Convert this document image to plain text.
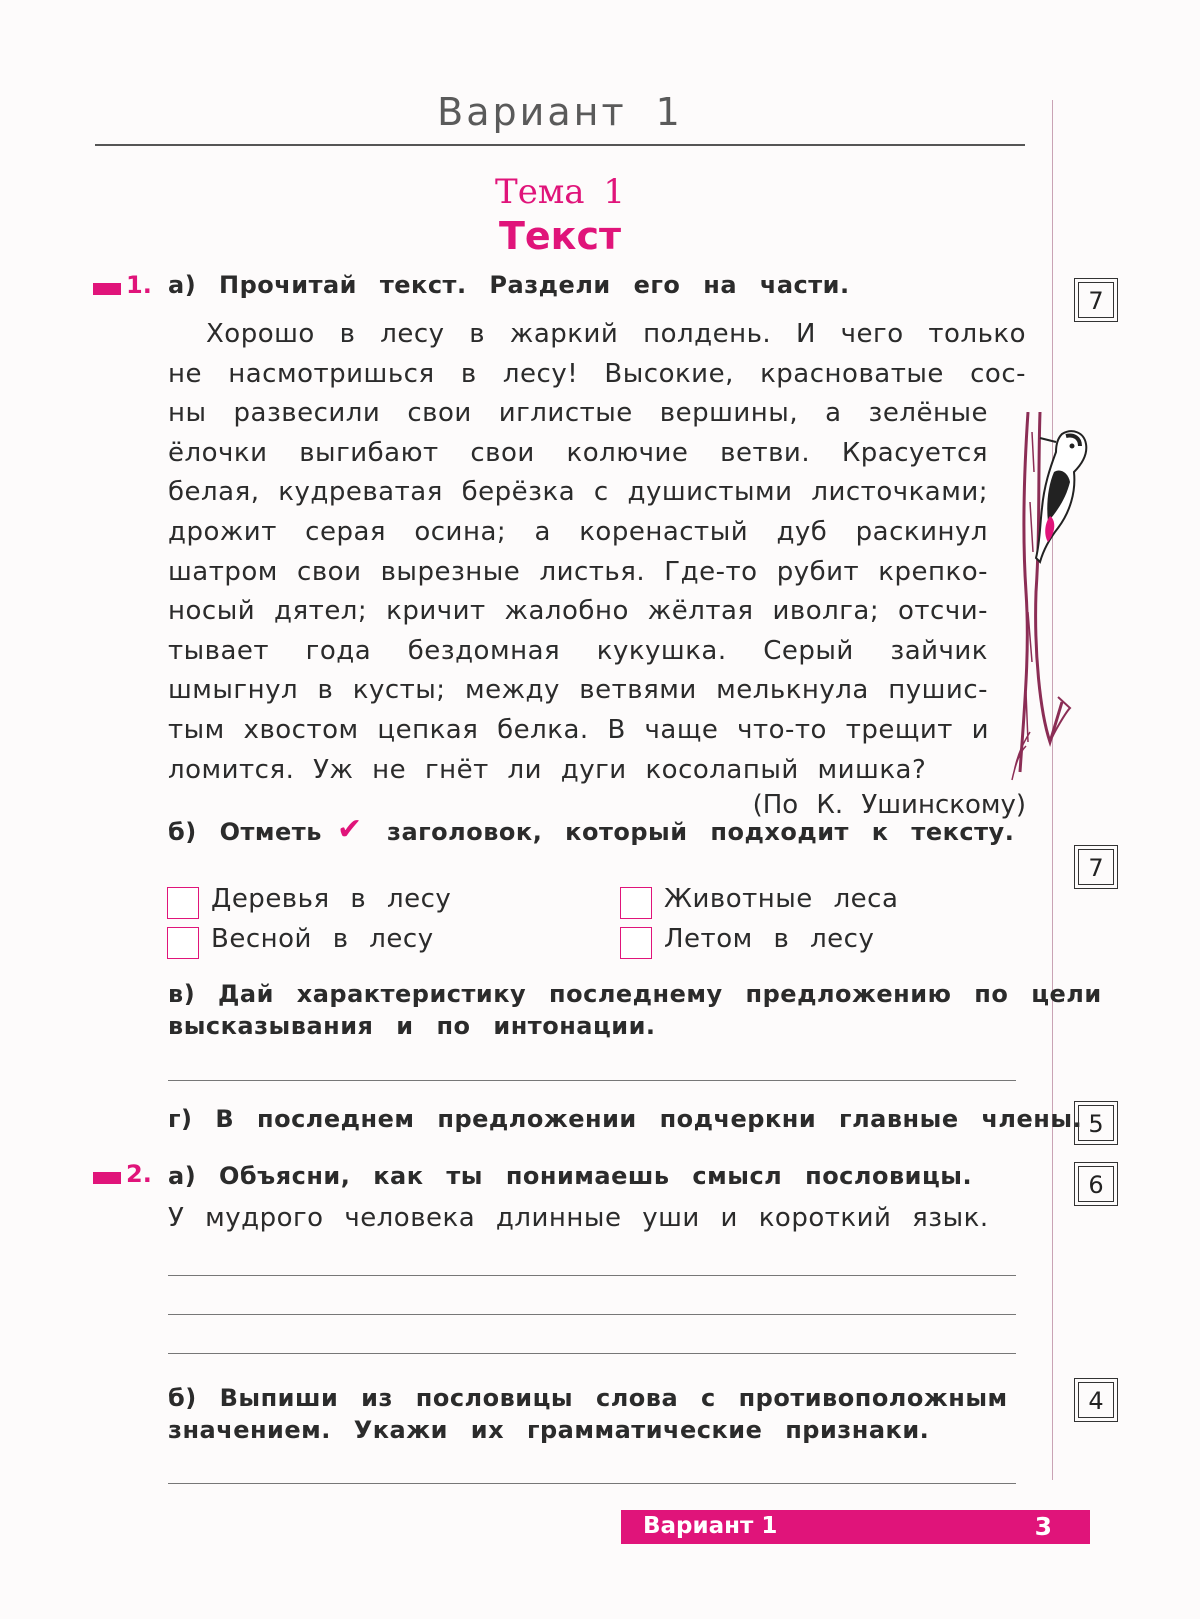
Вариант 1
Тема 1
Текст
1. а) Прочитай текст. Раздели его на части.
Хорошо в лесу в жаркий полдень. И чего только
не насмотришься в лесу! Высокие, красноватые сос-
ны развесили свои иглистые вершины, а зелёные
ёлочки выгибают свои колючие ветви. Красуется
белая, кудреватая берёзка с душистыми листочками;
дрожит серая осина; а коренастый дуб раскинул
шатром свои вырезные листья. Где-то рубит крепко-
носый дятел; кричит жалобно жёлтая иволга; отсчи-
тывает года бездомная кукушка. Серый зайчик
шмыгнул в кусты; между ветвями мелькнула пушис-
тым хвостом цепкая белка. В чаще что-то трещит и
ломится. Уж не гнёт ли дуги косолапый мишка?
(По К. Ушинскому)
б) Отметь ✔ заголовок, который подходит к тексту.
Деревья в лесу	Животные леса
Весной в лесу	Летом в лесу
в) Дай характеристику последнему предложению по цели
высказывания и по интонации.
г) В последнем предложении подчеркни главные члены.
2. а) Объясни, как ты понимаешь смысл пословицы.
У мудрого человека длинные уши и короткий язык.
б) Выпиши из пословицы слова с противоположным
значением. Укажи их грамматические признаки.
7
7
5
6
4
Вариант 1	3
